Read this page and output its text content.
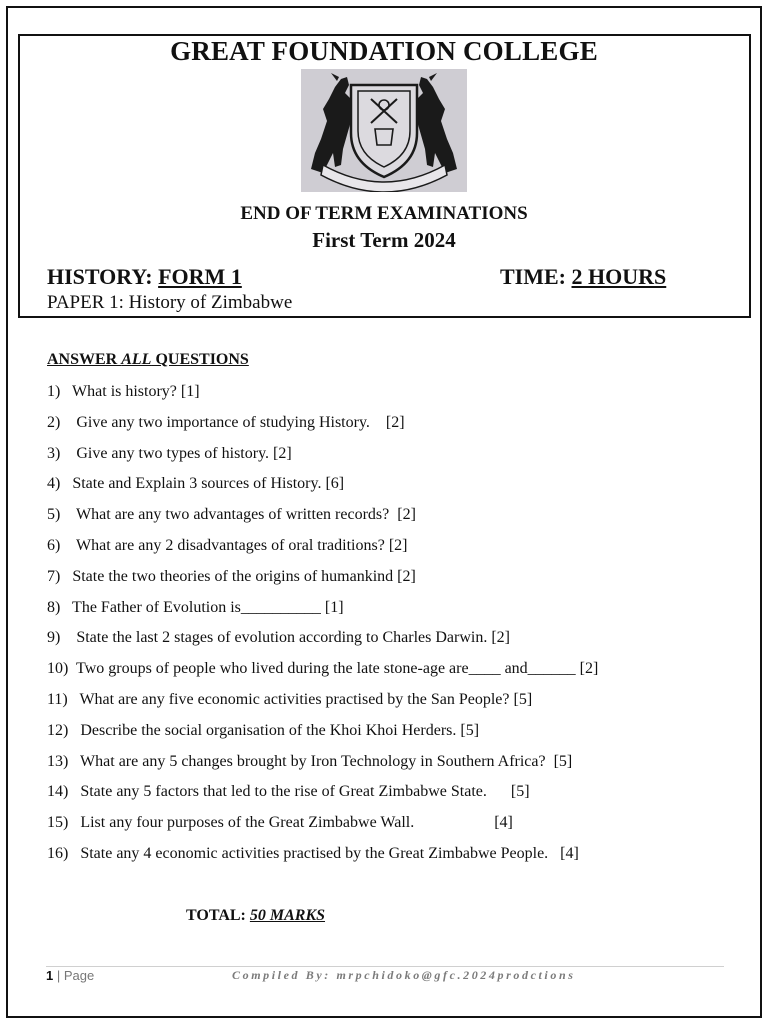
GREAT FOUNDATION COLLEGE
END OF TERM EXAMINATIONS
First Term 2024
HISTORY: FORM 1	TIME: 2 HOURS
PAPER 1: History of Zimbabwe
ANSWER ALL QUESTIONS
1)   What is history? [1]
2)    Give any two importance of studying History.    [2]
3)    Give any two types of history. [2]
4)   State and Explain 3 sources of History. [6]
5)    What are any two advantages of written records?  [2]
6)    What are any 2 disadvantages of oral traditions? [2]
7)   State the two theories of the origins of humankind [2]
8)   The Father of Evolution is__________ [1]
9)    State the last 2 stages of evolution according to Charles Darwin. [2]
10)  Two groups of people who lived during the late stone-age are____ and______ [2]
11)   What are any five economic activities practised by the San People? [5]
12)   Describe the social organisation of the Khoi Khoi Herders. [5]
13)   What are any 5 changes brought by Iron Technology in Southern Africa?  [5]
14)   State any 5 factors that led to the rise of Great Zimbabwe State.      [5]
15)   List any four purposes of the Great Zimbabwe Wall.                    [4]
16)   State any 4 economic activities practised by the Great Zimbabwe People.   [4]
TOTAL: 50 MARKS
1 | Page	Compiled By: mrpchidoko@gfc.2024prodctions
